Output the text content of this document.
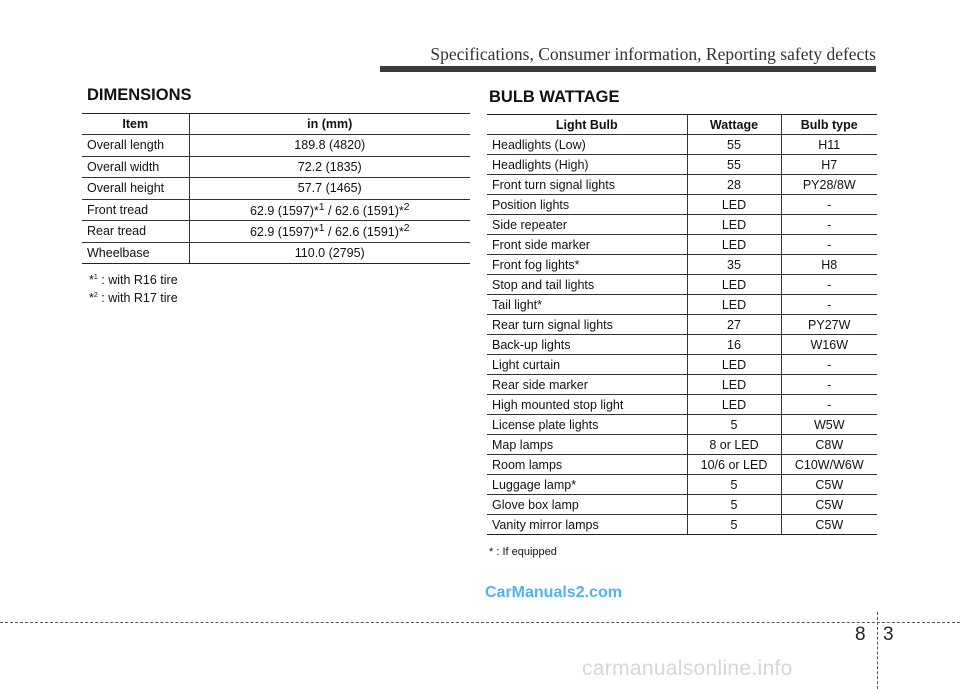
Specifications, Consumer information, Reporting safety defects
DIMENSIONS
Item	in (mm)
Overall length	189.8 (4820)
Overall width	72.2 (1835)
Overall height	57.7 (1465)
Front tread	62.9 (1597)*$^1$ / 62.6 (1591)*$^2$
Rear tread	62.9 (1597)*$^1$ / 62.6 (1591)*$^2$
Wheelbase	110.0 (2795)
*$^1$ : with R16 tire
*$^2$ : with R17 tire
BULB WATTAGE
Light Bulb	Wattage	Bulb type
Headlights (Low)	55	H11
Headlights (High)	55	H7
Front turn signal lights	28	PY28/8W
Position lights	LED	-
Side repeater	LED	-
Front side marker	LED	-
Front fog lights*	35	H8
Stop and tail lights	LED	-
Tail light*	LED	-
Rear turn signal lights	27	PY27W
Back-up lights	16	W16W
Light curtain	LED	-
Rear side marker	LED	-
High mounted stop light	LED	-
License plate lights	5	W5W
Map lamps	8 or LED	C8W
Room lamps	10/6 or LED	C10W/W6W
Luggage lamp*	5	C5W
Glove box lamp	5	C5W
Vanity mirror lamps	5	C5W
* : If equipped
CarManuals2.com
8 3
carmanualsonline.info
